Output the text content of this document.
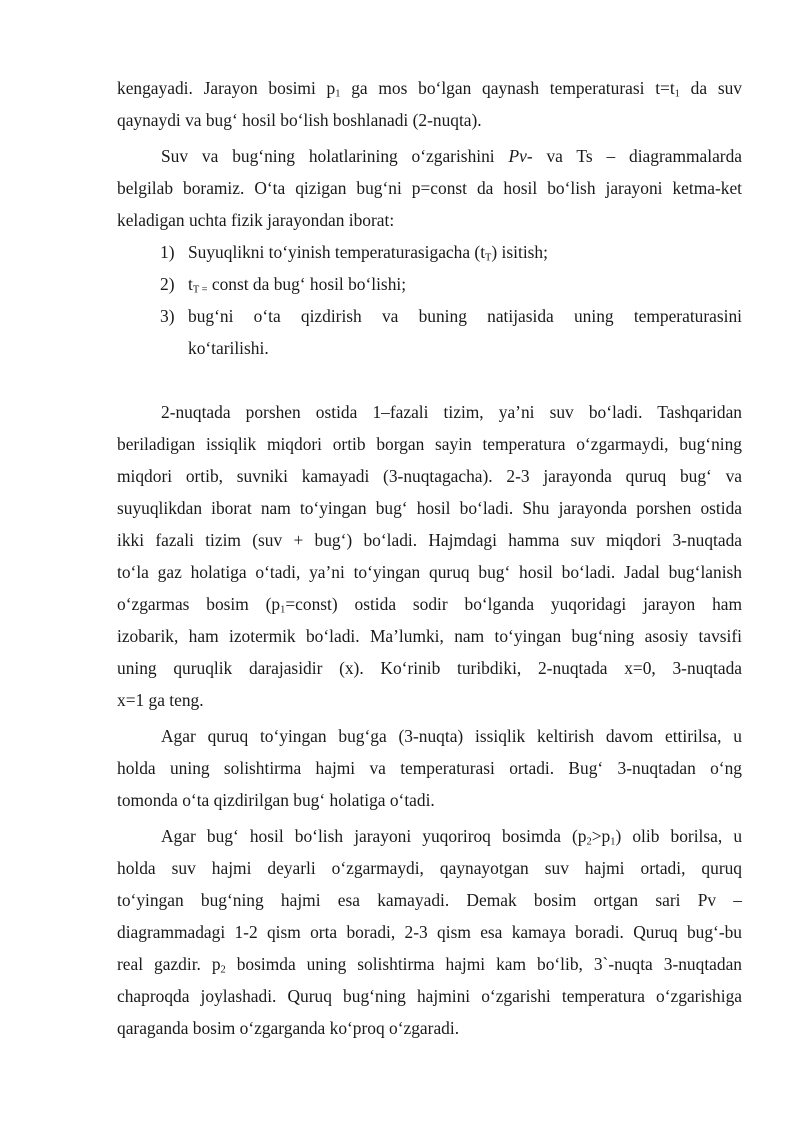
kengayadi. Jarayon bosimi $p_1$ ga mos bo‘lgan qaynash temperaturasi $t=t_1$ da suv

qaynaydi va bug‘ hosil bo‘lish boshlanadi (2-nuqta).

Suv va bug‘ning holatlarining o‘zgarishini Pv- va Ts – diagrammalarda

belgilab boramiz. O‘ta qizigan bug‘ni p=const da hosil bo‘lish jarayoni ketma-ket

keladigan uchta fizik jarayondan iborat:

1) Suyuqlikni to‘yinish temperaturasigacha $(t_T)$ isitish;
2) $t_{T =}$ const da bug‘ hosil bo‘lishi;
3) bug‘ni o‘ta qizdirish va buning natijasida uning temperaturasini
ko‘tarilishi.

2-nuqtada porshen ostida 1–fazali tizim, ya’ni suv bo‘ladi. Tashqaridan

beriladigan issiqlik miqdori ortib borgan sayin temperatura o‘zgarmaydi, bug‘ning

miqdori ortib, suvniki kamayadi (3-nuqtagacha). 2-3 jarayonda quruq bug‘ va

suyuqlikdan iborat nam to‘yingan bug‘ hosil bo‘ladi. Shu jarayonda porshen ostida

ikki fazali tizim (suv + bug‘) bo‘ladi. Hajmdagi hamma suv miqdori 3-nuqtada

to‘la gaz holatiga o‘tadi, ya’ni to‘yingan quruq bug‘ hosil bo‘ladi. Jadal bug‘lanish

o‘zgarmas bosim $(p_1=const)$ ostida sodir bo‘lganda yuqoridagi jarayon ham

izobarik, ham izotermik bo‘ladi. Ma’lumki, nam to‘yingan bug‘ning asosiy tavsifi

uning quruqlik darajasidir (x). Ko‘rinib turibdiki, 2-nuqtada x=0, 3-nuqtada

x=1 ga teng.

Agar quruq to‘yingan bug‘ga (3-nuqta) issiqlik keltirish davom ettirilsa, u

holda uning solishtirma hajmi va temperaturasi ortadi. Bug‘ 3-nuqtadan o‘ng

tomonda o‘ta qizdirilgan bug‘ holatiga o‘tadi.

Agar bug‘ hosil bo‘lish jarayoni yuqoriroq bosimda $(p_2>p_1)$ olib borilsa, u

holda suv hajmi deyarli o‘zgarmaydi, qaynayotgan suv hajmi ortadi, quruq

to‘yingan bug‘ning hajmi esa kamayadi. Demak bosim ortgan sari Pv –

diagrammadagi 1-2 qism orta boradi, 2-3 qism esa kamaya boradi. Quruq bug‘-bu

real gazdir. $p_2$ bosimda uning solishtirma hajmi kam bo‘lib, 3`-nuqta 3-nuqtadan

chaproqda joylashadi. Quruq bug‘ning hajmini o‘zgarishi temperatura o‘zgarishiga

qaraganda bosim o‘zgarganda ko‘proq o‘zgaradi.
